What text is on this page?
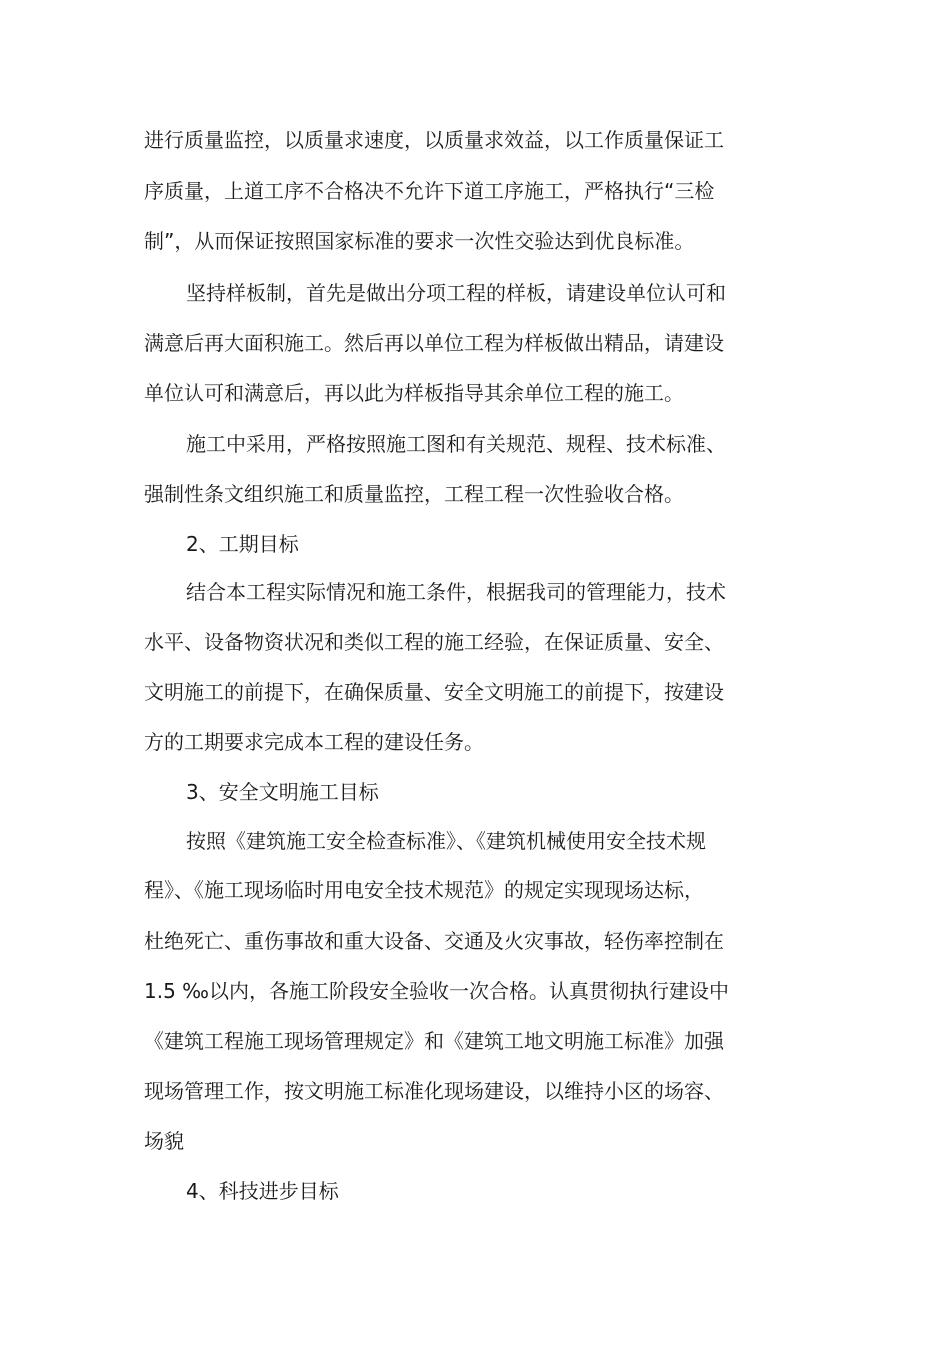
进行质量监控，以质量求速度，以质量求效益，以工作质量保证工
序质量，上道工序不合格决不允许下道工序施工，严格执行“三检
制”，从而保证按照国家标准的要求一次性交验达到优良标准。
坚持样板制，首先是做出分项工程的样板，请建设单位认可和
满意后再大面积施工。然后再以单位工程为样板做出精品，请建设
单位认可和满意后，再以此为样板指导其余单位工程的施工。
施工中采用，严格按照施工图和有关规范、规程、技术标准、
强制性条文组织施工和质量监控，工程工程一次性验收合格。
2、工期目标
结合本工程实际情况和施工条件，根据我司的管理能力，技术
水平、设备物资状况和类似工程的施工经验，在保证质量、安全、
文明施工的前提下，在确保质量、安全文明施工的前提下，按建设
方的工期要求完成本工程的建设任务。
3、安全文明施工目标
按照《建筑施工安全检查标准》、《建筑机械使用安全技术规
程》、《施工现场临时用电安全技术规范》的规定实现现场达标，
杜绝死亡、重伤事故和重大设备、交通及火灾事故，轻伤率控制在
1.5 ‰以内，各施工阶段安全验收一次合格。认真贯彻执行建设中
《建筑工程施工现场管理规定》和《建筑工地文明施工标准》加强
现场管理工作，按文明施工标准化现场建设，以维持小区的场容、
场貌
4、科技进步目标
